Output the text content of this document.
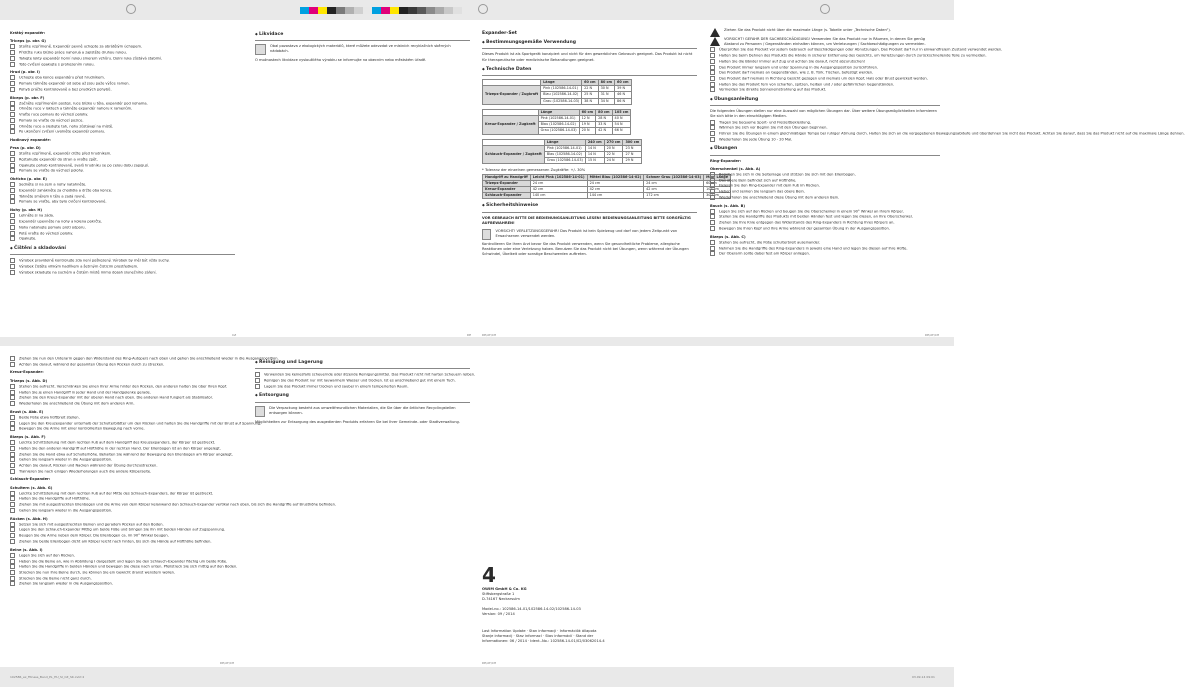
Krátký expandér:
Triceps (p. obr. G)
Stoňte vzpřímeně. Expandér pevně uchopte za obrátělým úchopem.
Přidržte ruku blízko práce nahoruá a zajistěte druhou rukou.
Tahejte lokty expandér horní rukou smerem vzhůru. Dolni ruka zůstává stabilní.
Toto cvičení opakujte s prohozením rukou.
Hrud (p. obr. I)
Uchopte oba konce expandéru před hrudníkem.
Pomalu táhněte expandér od sebe až jsou paže výšce ramen.
Pohyb práčte kontrolovaně a bez prudkých pohybů.
Biceps (p. obr. F)
Začněte vzpřímeném postoji, ruce blízko u těla, expandér pod nohama.
Ohněte ruce v loktech a táhněte expandér nahoru k ramenům.
Vraťte ruce pomalu do výchozí polohy.
Pomaly se vraťte do výchozí pozice.
Ohněte ruce a sledujte tah, nohy zůstávají na místě.
Po ukončení cvičení uvolněte expandér pomalu.
Hodinový expandér:
Prsa (p. obr. D)
Stoňte vzpřímeně, expandér držte před hrudníkem.
Roztahujte expandér do stran a vraťte zpět.
Opakujte pohyb kontrolovaně, svalů hrudníku se po celou dobu zapojují.
Pomalu se vraťte do výchozí polohy.
Obřícho (p. obr. E)
Sedněte si na zem a nohy natahněte.
Expandér zahákněte za chodidla a držte oba konce.
Táhněte směrem k tělu a zadá rovně.
Pomalu se vraťte, aby bylo cvičení kontrolované.
Nohy (p. obr. H)
Lehněte si na záda.
Expandér upevněte na nohy a kolena pokrčte.
Nohy natahujte pomalu proti odporu.
Poté vraťte do výchozí polohy.
Opakujte.
◆ Čištění a skladování
Výrobek pravidelně kontrolujte zda není poškozený. Výrobek by měl být vždy suchy.
Výrobek čistěte vlhkým hadříkem a šetrným čisticim prostředkem.
Výrobek skladujte na suchém a čistém místě mimo dosah slunečního záření.
◆ Likvidace
Obal pozostava z ekologických materiálů, které můžete odevzdat ve místních recyklačních sběrných nádobách.
O možnostech likvidace vysloužilého výrobku se informujte na obecním nebo městském úřadě.
Expander-Set
◆ Bestimmungsgemäße Verwendung
Dieses Produkt ist als Sportgerät konzipiert und nicht für den gewerblichen Gebrauch geeignet. Das Produkt ist nicht für therapeutische oder medizinische Behandlungen geeignet.
◆ Technische Daten
	Länge	60 cm	80 cm	60 cm
Trizeps-Expander / Zugkraft	Pink (102586-14-01)	22 N	30 N	39 N
	Blau (102586-14-02)	25 N	31 N	46 N
	Grau (102586-14-03)	38 N	34 N	86 N
	Länge	60 cm	80 cm	105 cm
Kreuz-Expander / Zugkraft	Pink (102586-14-01)	12 N	28 N	40 N
	Blau (102586-14-02)	19 N	33 N	54 N
	Grau (102586-14-03)	20 N	42 N	66 N
	Länge	240 cm	270 cm	300 cm
Schlauch-Expander / Zugkraft	Pink (102586-14-01)	14 N	20 N	23 N
	Blau (102586-14-02)	14 N	22 N	27 N
	Grau (102586-14-03)	15 N	24 N	29 N
* Toleranz der einzelnen gemessenen Zugkräfte: +/- 30%
Handgriff zu Handgriff	Leicht Pink (102586-14-01)	Mittel Blau (102586-14-02)	Schwer Grau (102586-14-03)	Max. Länge
Trizeps-Expander	24 cm	24 cm	24 cm	60 cm
Kreuz-Expander	42 cm	42 cm	42 cm	105 cm
Schlauch-Expander	140 cm	144 cm	172 cm	300 cm
◆ Sicherheitshinweise
VOR GEBRAUCH BITTE DIE BEDIENUNGSANLEITUNG LESEN! BEDIENUNGSANLEITUNG BITTE SORGFÄLTIG AUFBEWAHREN!
VORSICHT! VERLETZUNGSGEFAHR! Das Produkt ist kein Spielzeug und darf von jedem Zeitpunkt von Erwachsenen verwendet werden.
Kontrollieren Sie Ihren Arzt bevor Sie das Produkt verwenden, wenn Sie gesundheitliche Probleme, allergische Reaktionen oder eine Verletzung haben. Benutzen Sie das Produkt nicht bei Übungen, wenn während der Übungen Schwindel, Übelkeit oder sonstige Beschwerden auftreten.
Ziehen Sie das Produkt nicht über die maximale Länge (s. Tabelle unter „Technische Daten“).
VORSICHT! GEFAHR DER SACHBESCHÄDIGUNG! Verwenden Sie das Produkt nur in Räumen, in denen Sie genüg Abstand zu Personen / Gegenständen einhalten können, um Verletzungen / Sachbeschädigungen zu vermeiden.
Überprüfen Sie das Produkt vor jedem Gebrauch auf Beschädigungen oder Abnutzungen. Das Produkt darf nur in einwandfreiem Zustand verwendet werden.
Halten Sie beim Dehnen des Produkts die Hände in sicherer Entfernung des Gesichts, um Verletzungen durch zurückschnellende Teile zu vermeiden.
Halten Sie die Bänder immer auf Zug und achten Sie darauf, nicht abzurutschen!
Das Produkt immer langsam und unter Spannung in die Ausgangsposition zurückführen.
Das Produkt darf niemals an Gegenständen, wie z. B. Türk. Tischen, befestigt werden.
Das Produkt darf niemals in Richtung Gesicht gezogen und niemals um den Kopf, Hals oder Brust gewickelt werden.
Halten Sie das Produkt fern von scharfen, spitzen, heißen und / oder gefährlichen Gegenständen.
Vermeiden Sie direkte Sonneneinstrahlung auf das Produkt.
◆ Übungsanleitung
Die folgenden Übungen stellen nur eine Auswahl von möglichen Übungen dar. Über weitere Übungsmöglichkeiten informieren Sie sich bitte in den einschlägigen Medien.
Tragen Sie bequeme Sport- und Freizeitbekleidung.
Wärmen Sie sich vor Beginn Sie mit den Übungen beginnen.
Führen Sie die Übungen in einem gleichmäßigen Tempo bei ruhiger Atmung durch. Halten Sie sich an die vorgegebenen Bewegungsabläufe und überdehnen Sie nicht das Produkt. Achten Sie darauf, dass Sie das Produkt nicht auf die maximale Länge dehnen.
Wiederholen Sie jede Übung 10 - 20 Mal.
◆ Übungen
Ring-Expander:
Oberschenkel (s. Abb. A)
Begeben Sie sich in die Seitenlage und stützen Sie sich mit den Ellenbogen.
Das obere Bein befindet sich auf Hüfthöhe.
Fixieren Sie den Ring-Expander mit dem Fuß im Rücken.
Heben und senken Sie langsam das obere Bein.
Wiederholen Sie anschließend diese Übung mit dem anderen Bein.
Bauch (s. Abb. B)
Legen Sie sich auf den Rücken und beugen Sie die Oberschenkel in einem 90° Winkel an Ihrem Körper.
Stellen Sie die Handgriffe des Produkts mit beiden Händen fest und legen Sie diesen, an Ihre Oberschenkel.
Ziehen Sie Ihre Knie entgegen das Widerstands des Ring-Expanders in Richtung Ihres Körpers an.
Bewegen Sie Ihren Kopf und Ihre Arme während der gesamten Übung in der Ausgangsposition.
Bizeps (s. Abb. C)
Stehen Sie aufrecht, die Füße schulterbreit auseinander.
Nehmen Sie die Handgriffe des Ring-Expanders in jeweils eine Hand und legen Sie diesen auf Ihre Hüfte.
Der Oberarm sollte dabei fest am Körper anliegen.
CZ	DE	DE/AT/CH	DE/AT/CH
Ziehen Sie nun den Unterarm gegen den Widerstand des Ring-Autopers nach oben und gehen Sie anschließend wieder in die Ausgangsposition.
Achten Sie darauf, während der gesamten Übung den Rücken durch zu strecken.
Kreuz-Expander:
Trizeps (s. Abb. D)
Stehen Sie aufrecht. Verschränken Sie einen Ihrer Arme hinter den Rücken, den anderen halten Sie über Ihren Kopf.
Halten Sie je einen Handgriff in jeder Hand und der Handgelenke gerade.
Ziehen Sie den Kreuz-Expander mit der oberen Hand nach oben. Die anderen Hand fungiert als Stabilisator.
Wiederholen Sie anschließend die Übung mit dem anderen Arm.
Brust (s. Abb. E)
Beide Füße etwa hüftbreit stellen.
Legen Sie den Kreuzexpander unterhalb der Schulterblätter um den Rücken und halten Sie die Handgriffe mit der Brust auf Spannung.
Bewegen Sie die Arme mit einer kontrollierten Bewegung nach vorne.
Bizeps (s. Abb. F)
Leichte Schrittstellung mit dem rechten Fuß auf dem Handgriff des Kreuzexpanders, der Körper ist gestreckt.
Halten Sie den anderen Handgriff auf Hüfthöhe in der rechten Hand. Der Ellenbogen ist an den Körper angelegt.
Ziehen Sie die Hand etwa auf Schulterhöhe. Behalten Sie während der Bewegung den Ellenbogen am Körper angelegt.
Gehen Sie langsam wieder in die Ausgangsposition.
Achten Sie darauf, Rücken und Nacken während der Übung durchzustrecken.
Trainieren Sie nach einigen Wiederholungen auch die andere Körperseite.
Schlauch-Expander:
Schultern (s. Abb. G)
Leichte Schrittstellung mit dem rechten Fuß auf der Mitte des Schlauch-Expanders, der Körper ist gestreckt.
Halten Sie die Handgriffe auf Hüfthöhe.
Ziehen Sie mit ausgestreckten Ellenbogen und die Arme von dem Körper kelanwand den Schlauch-Expander vertikal nach oben, bis sich die Handgriffe auf Brusthöhe befinden.
Gehen Sie langsam wieder in die Ausgangsposition.
Rücken (s. Abb. H)
Setzen Sie sich mit ausgestreckten Beinen und geradem Rücken auf den Boden.
Legen Sie den Schlauch-Expander Mittig um beide Füße und bringen Sie ihn mit beiden Händen auf Zugspannung.
Beugen Sie die Arme neben dem Körper. Die Ellenbogen ca. im 90° Winkel beugen.
Ziehen Sie beide Ellenbogen dicht am Körper leicht nach hinten, bis sich die Hände auf Hüfthöhe befinden.
Beine (s. Abb. I)
Legen Sie sich auf den Rücken.
Heben Sie die Beine an, wie in Abbildung I dargestellt und legen Sie den Schlauch-Expander flächig um beide Füße.
Halten Sie die Handgriffe in beiden Händen und bewegen Sie diese nach unten. Pfeilstreck Sie sich mittig auf den Boden.
Strecken Sie nun Ihre Beine durch, sie können Sie ein Gewicht dranst wenstern wollen.
Strecken Sie die Beine nicht ganz durch.
Ziehen Sie langsam wieder in die Ausgangsposition.
◆ Reinigung und Lagerung
Verwenden Sie keinesfalls scheuernde oder ätzende Reinigungsmittel. Das Produkt nicht mit harten Scheuern reiben.
Reinigen Sie das Produkt nur mit lauwarmem Wasser und trocken. Ist es anschließend gut mit einem Tuch.
Lagern Sie das Produkt immer trocken und sauber in einem temperierten Raum.
◆ Entsorgung
Die Verpackung besteht aus umweltfreundlichen Materialien, die Sie über die örtlichen Recyclingstellen entsorgen können.
Möglichkeiten zur Entsorgung des ausgedienten Produkts erfahren Sie bei Ihrer Gemeinde- oder Stadtverwaltung.
4
OWIM GmbH & Co. KG
Stiftsbergstraße 1
D-74167 Neckarsulm
Model-no.: 102586-14-01/102586-14-02/102586-14-03
Version: 09 / 2014
Last Information Update · Stan informacji · Információk állapota
Stanje informacij · Stav informací · Stav informácií · Stand der
Informationen: 06 / 2014 · Ident.-No.: 102586-14-01/02/03062014-4
DE/AT/CH	DE/AT/CH
102586_ex_Fitness_Band_PL_HU_SI_CZ_SK.indd 4	03.09.14 09:01
